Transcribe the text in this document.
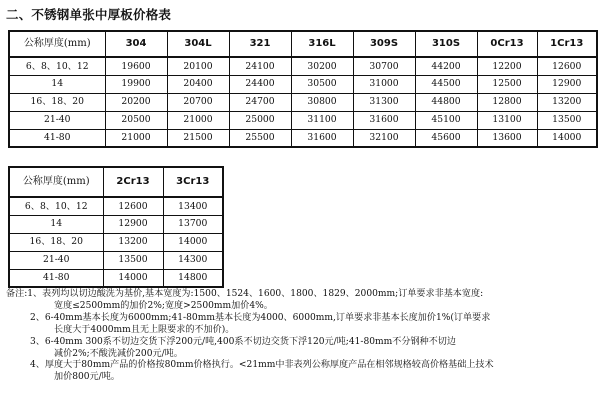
二、不锈钢单张中厚板价格表
公称厚度(mm)	304	304L	321	316L	309S	310S	0Cr13	1Cr13
6、8、10、12	19600	20100	24100	30200	30700	44200	12200	12600
14	19900	20400	24400	30500	31000	44500	12500	12900
16、18、20	20200	20700	24700	30800	31300	44800	12800	13200
21-40	20500	21000	25000	31100	31600	45100	13100	13500
41-80	21000	21500	25500	31600	32100	45600	13600	14000
公称厚度(mm)	2Cr13	3Cr13
6、8、10、12	12600	13400
14	12900	13700
16、18、20	13200	14000
21-40	13500	14300
41-80	14000	14800
备注:1、表列均以切边酸洗为基价,基本宽度为:1500、1524、1600、1800、1829、2000mm;订单要求非基本宽度:
宽度≤2500mm的加价2%;宽度>2500mm加价4%。
2、6-40mm基本长度为6000mm;41-80mm基本长度为4000、6000mm,订单要求非基本长度加价1%(订单要求
长度大于4000mm且无上限要求的不加价)。
3、6-40mm 300系不切边交货下浮200元/吨,400系不切边交货下浮120元/吨;41-80mm不分钢种不切边
减价2%;不酸洗减价200元/吨。
4、厚度大于80mm产品的价格按80mm价格执行。<21mm中非表列公称厚度产品在相邻规格较高价格基础上技术
加价800元/吨。
